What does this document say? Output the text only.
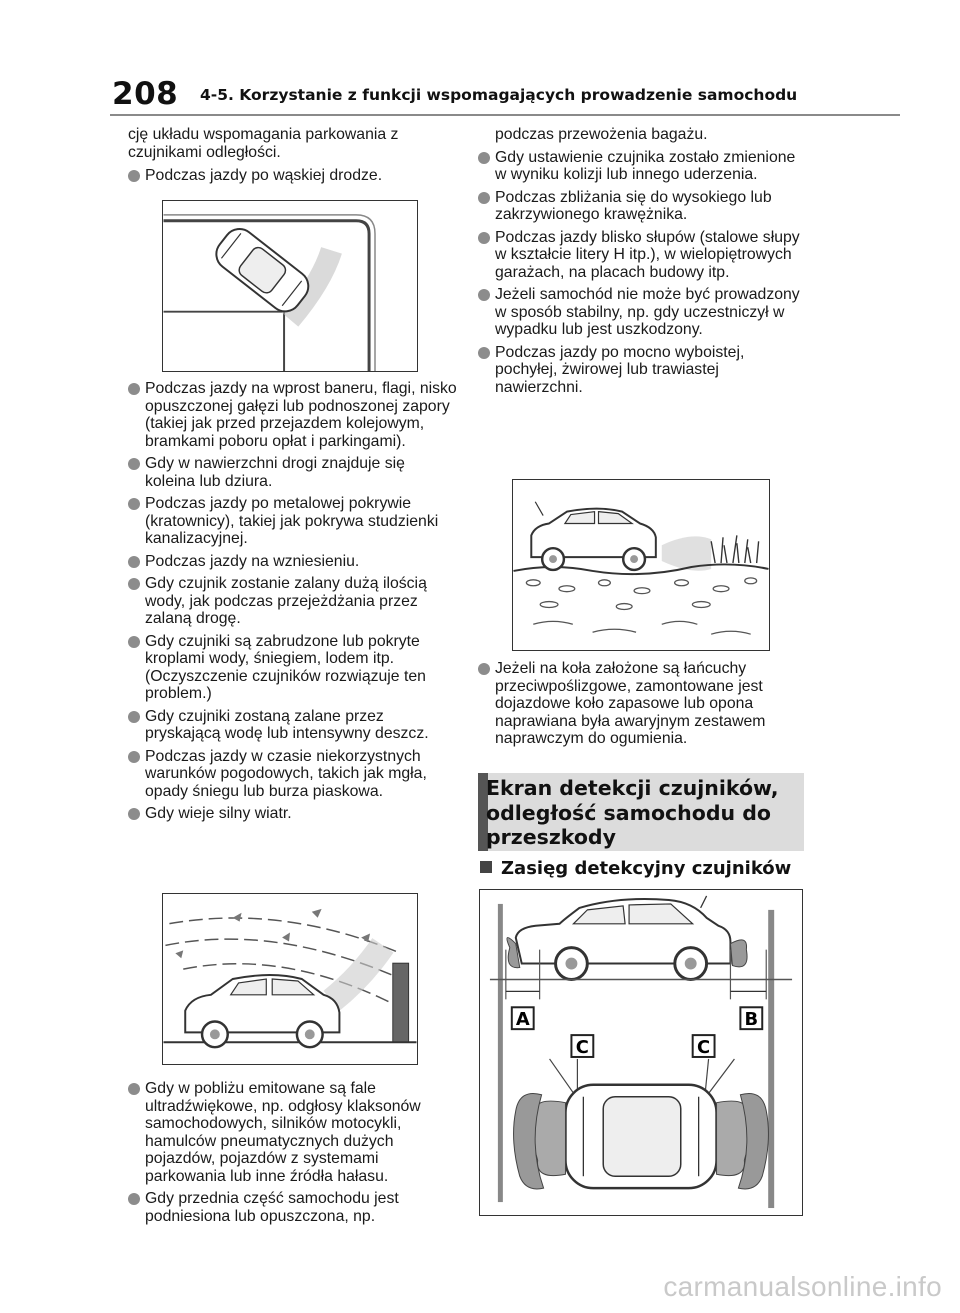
208 4-5. Korzystanie z funkcji wspomagających prowadzenie samochodu
cję układu wspomagania parkowania z czujnikami odległości.
Podczas jazdy po wąskiej drodze.
Podczas jazdy na wprost baneru, flagi, nisko opuszczonej gałęzi lub podnoszonej zapory (takiej jak przed przejazdem kolejowym, bramkami poboru opłat i parkingami).
Gdy w nawierzchni drogi znajduje się koleina lub dziura.
Podczas jazdy po metalowej pokrywie (kratownicy), takiej jak pokrywa studzienki kanalizacyjnej.
Podczas jazdy na wzniesieniu.
Gdy czujnik zostanie zalany dużą ilością wody, jak podczas przejeżdżania przez zalaną drogę.
Gdy czujniki są zabrudzone lub pokryte kroplami wody, śniegiem, lodem itp. (Oczyszczenie czujników rozwiązuje ten problem.)
Gdy czujniki zostaną zalane przez pryskającą wodę lub intensywny deszcz.
Podczas jazdy w czasie niekorzystnych warunków pogodowych, takich jak mgła, opady śniegu lub burza piaskowa.
Gdy wieje silny wiatr.
Gdy w pobliżu emitowane są fale ultradźwiękowe, np. odgłosy klaksonów samochodowych, silników motocykli, hamulców pneumatycznych dużych pojazdów, pojazdów z systemami parkowania lub inne źródła hałasu.
Gdy przednia część samochodu jest podniesiona lub opuszczona, np.
podczas przewożenia bagażu.
Gdy ustawienie czujnika zostało zmienione w wyniku kolizji lub innego uderzenia.
Podczas zbliżania się do wysokiego lub zakrzywionego krawężnika.
Podczas jazdy blisko słupów (stalowe słupy w kształcie litery H itp.), w wielopiętrowych garażach, na placach budowy itp.
Jeżeli samochód nie może być prowadzony w sposób stabilny, np. gdy uczestniczył w wypadku lub jest uszkodzony.
Podczas jazdy po mocno wyboistej, pochyłej, żwirowej lub trawiastej nawierzchni.
Jeżeli na koła założone są łańcuchy przeciwpoślizgowe, zamontowane jest dojazdowe koło zapasowe lub opona naprawiana była awaryjnym zestawem naprawczym do ogumienia.
Ekran detekcji czujników, odległość samochodu do przeszkody
Zasięg detekcyjny czujników
A	B
C	C
carmanualsonline.info
